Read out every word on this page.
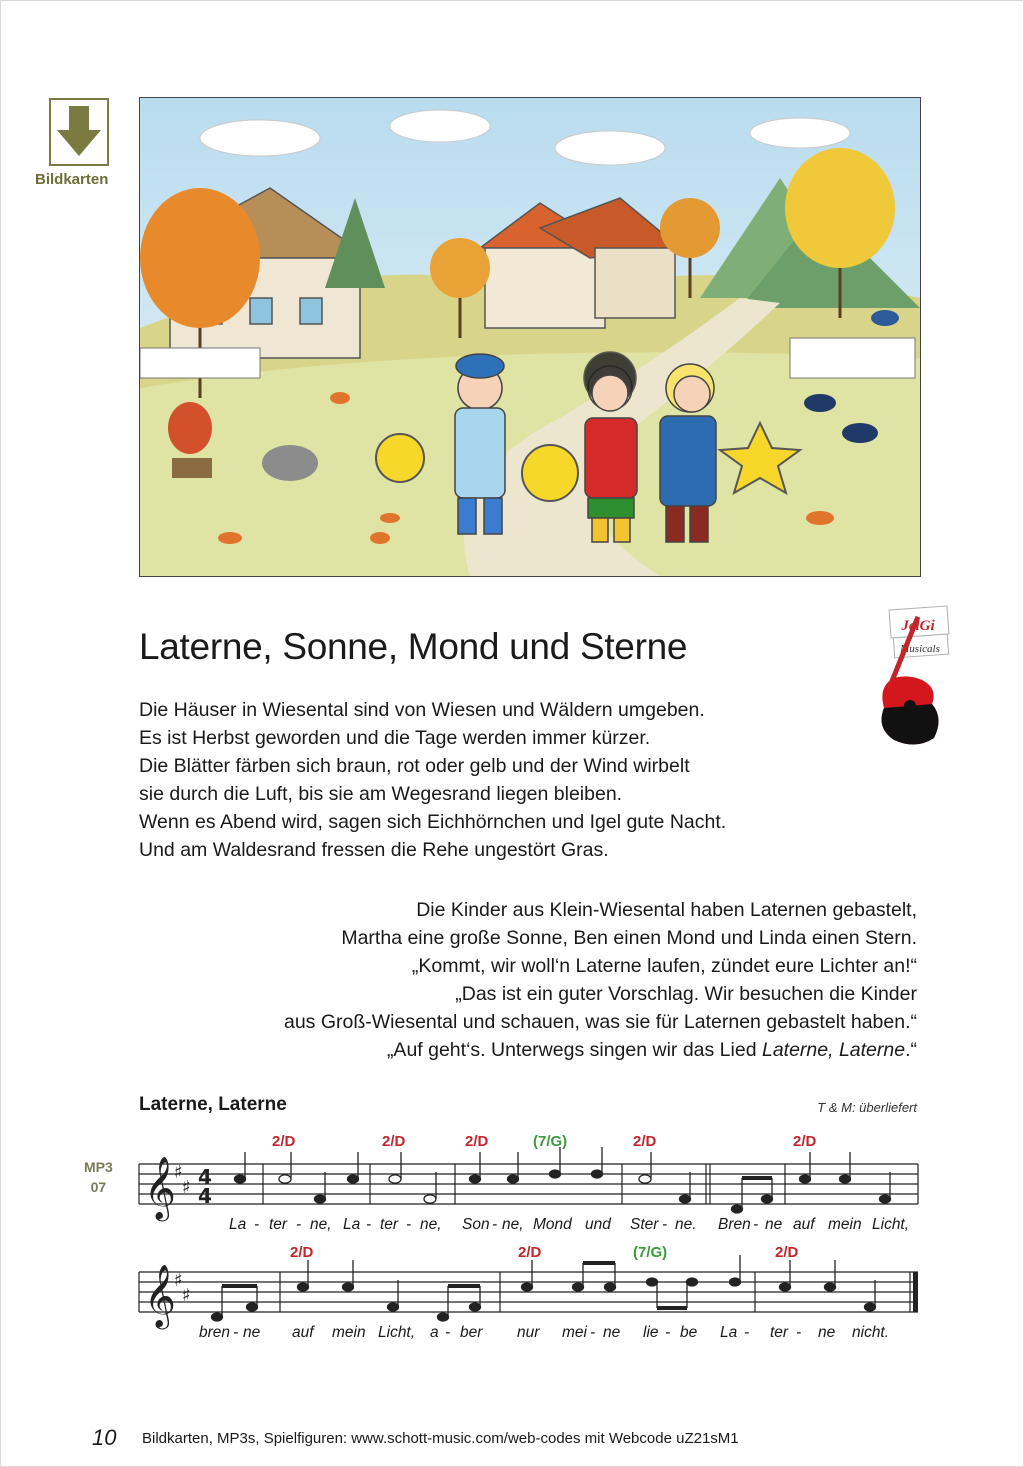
Bildkarten
JelGi
Musicals
Laterne, Sonne, Mond und Sterne
Die Häuser in Wiesental sind von Wiesen und Wäldern umgeben.
Es ist Herbst geworden und die Tage werden immer kürzer.
Die Blätter färben sich braun, rot oder gelb und der Wind wirbelt
sie durch die Luft, bis sie am Wegesrand liegen bleiben.
Wenn es Abend wird, sagen sich Eichhörnchen und Igel gute Nacht.
Und am Waldesrand fressen die Rehe ungestört Gras.
Die Kinder aus Klein-Wiesental haben Laternen gebastelt,
Martha eine große Sonne, Ben einen Mond und Linda einen Stern.
„Kommt, wir woll‘n Laterne laufen, zündet eure Lichter an!“
„Das ist ein guter Vorschlag. Wir besuchen die Kinder
aus Groß-Wiesental und schauen, was sie für Laternen gebastelt haben.“
„Auf geht‘s. Unterwegs singen wir das Lied Laterne, Laterne.“
Laterne, Laterne	T & M: überliefert
MP3
07 𝄞
♯
♯ 4
4
𝄞
♯
♯
2/D	2/D	2/D	(7/G)	2/D	2/D
2/D	2/D	(7/G)	2/D
La - ter - ne, La - ter - ne, Son - ne, Mond und Ster - ne. Bren - ne auf mein Licht,
bren - ne auf mein Licht, a - ber nur mei - ne lie - be La - ter - ne nicht.
10 Bildkarten, MP3s, Spielfiguren: www.schott-music.com/web-codes mit Webcode uZ21sM1
